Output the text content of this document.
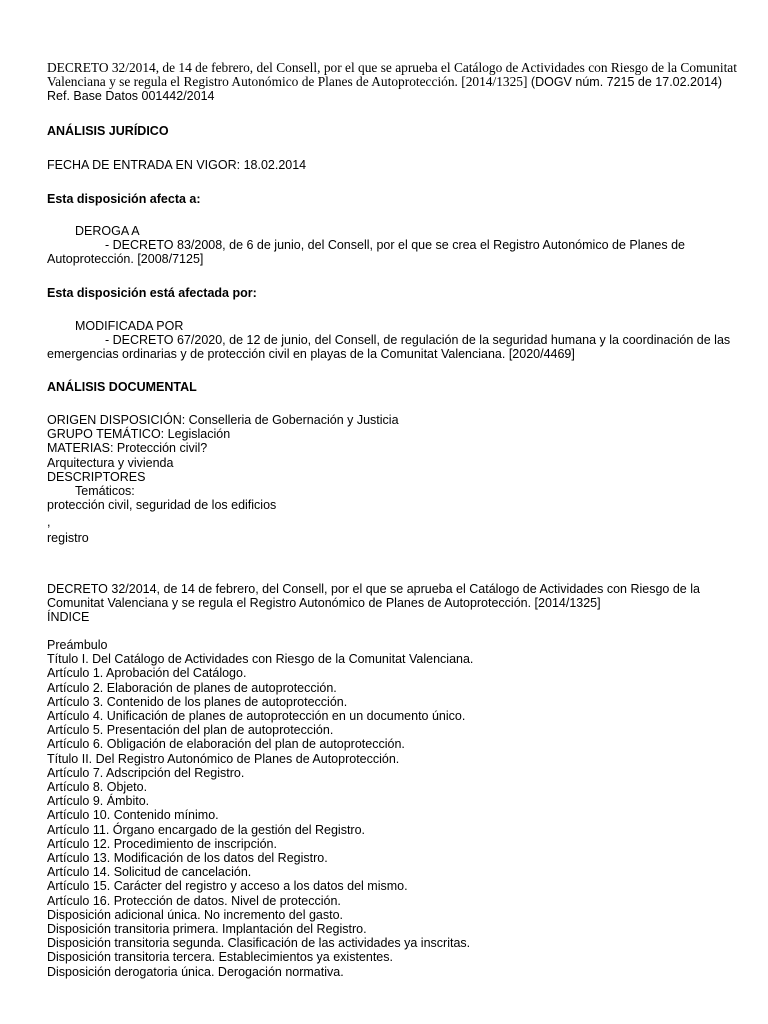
DECRETO 32/2014, de 14 de febrero, del Consell, por el que se aprueba el Catálogo de Actividades con Riesgo de la Comunitat Valenciana y se regula el Registro Autonómico de Planes de Autoprotección. [2014/1325] (DOGV núm. 7215 de 17.02.2014) Ref. Base Datos 001442/2014

ANÁLISIS JURÍDICO

FECHA DE ENTRADA EN VIGOR: 18.02.2014

Esta disposición afecta a:

DEROGA A
- DECRETO 83/2008, de 6 de junio, del Consell, por el que se crea el Registro Autonómico de Planes de Autoprotección. [2008/7125]

Esta disposición está afectada por:

MODIFICADA POR
- DECRETO 67/2020, de 12 de junio, del Consell, de regulación de la seguridad humana y la coordinación de las emergencias ordinarias y de protección civil en playas de la Comunitat Valenciana. [2020/4469]

ANÁLISIS DOCUMENTAL

ORIGEN DISPOSICIÓN: Conselleria de Gobernación y Justicia
GRUPO TEMÁTICO: Legislación
MATERIAS: Protección civil?
Arquitectura y vivienda
DESCRIPTORES
Temáticos:
protección civil, seguridad de los edificios
,
registro

DECRETO 32/2014, de 14 de febrero, del Consell, por el que se aprueba el Catálogo de Actividades con Riesgo de la Comunitat Valenciana y se regula el Registro Autonómico de Planes de Autoprotección. [2014/1325]

ÍNDICE

Preámbulo
Título I. Del Catálogo de Actividades con Riesgo de la Comunitat Valenciana.
Artículo 1. Aprobación del Catálogo.
Artículo 2. Elaboración de planes de autoprotección.
Artículo 3. Contenido de los planes de autoprotección.
Artículo 4. Unificación de planes de autoprotección en un documento único.
Artículo 5. Presentación del plan de autoprotección.
Artículo 6. Obligación de elaboración del plan de autoprotección.
Título II. Del Registro Autonómico de Planes de Autoprotección.
Artículo 7. Adscripción del Registro.
Artículo 8. Objeto.
Artículo 9. Ámbito.
Artículo 10. Contenido mínimo.
Artículo 11. Órgano encargado de la gestión del Registro.
Artículo 12. Procedimiento de inscripción.
Artículo 13. Modificación de los datos del Registro.
Artículo 14. Solicitud de cancelación.
Artículo 15. Carácter del registro y acceso a los datos del mismo.
Artículo 16. Protección de datos. Nivel de protección.
Disposición adicional única. No incremento del gasto.
Disposición transitoria primera. Implantación del Registro.
Disposición transitoria segunda. Clasificación de las actividades ya inscritas.
Disposición transitoria tercera. Establecimientos ya existentes.
Disposición derogatoria única. Derogación normativa.
